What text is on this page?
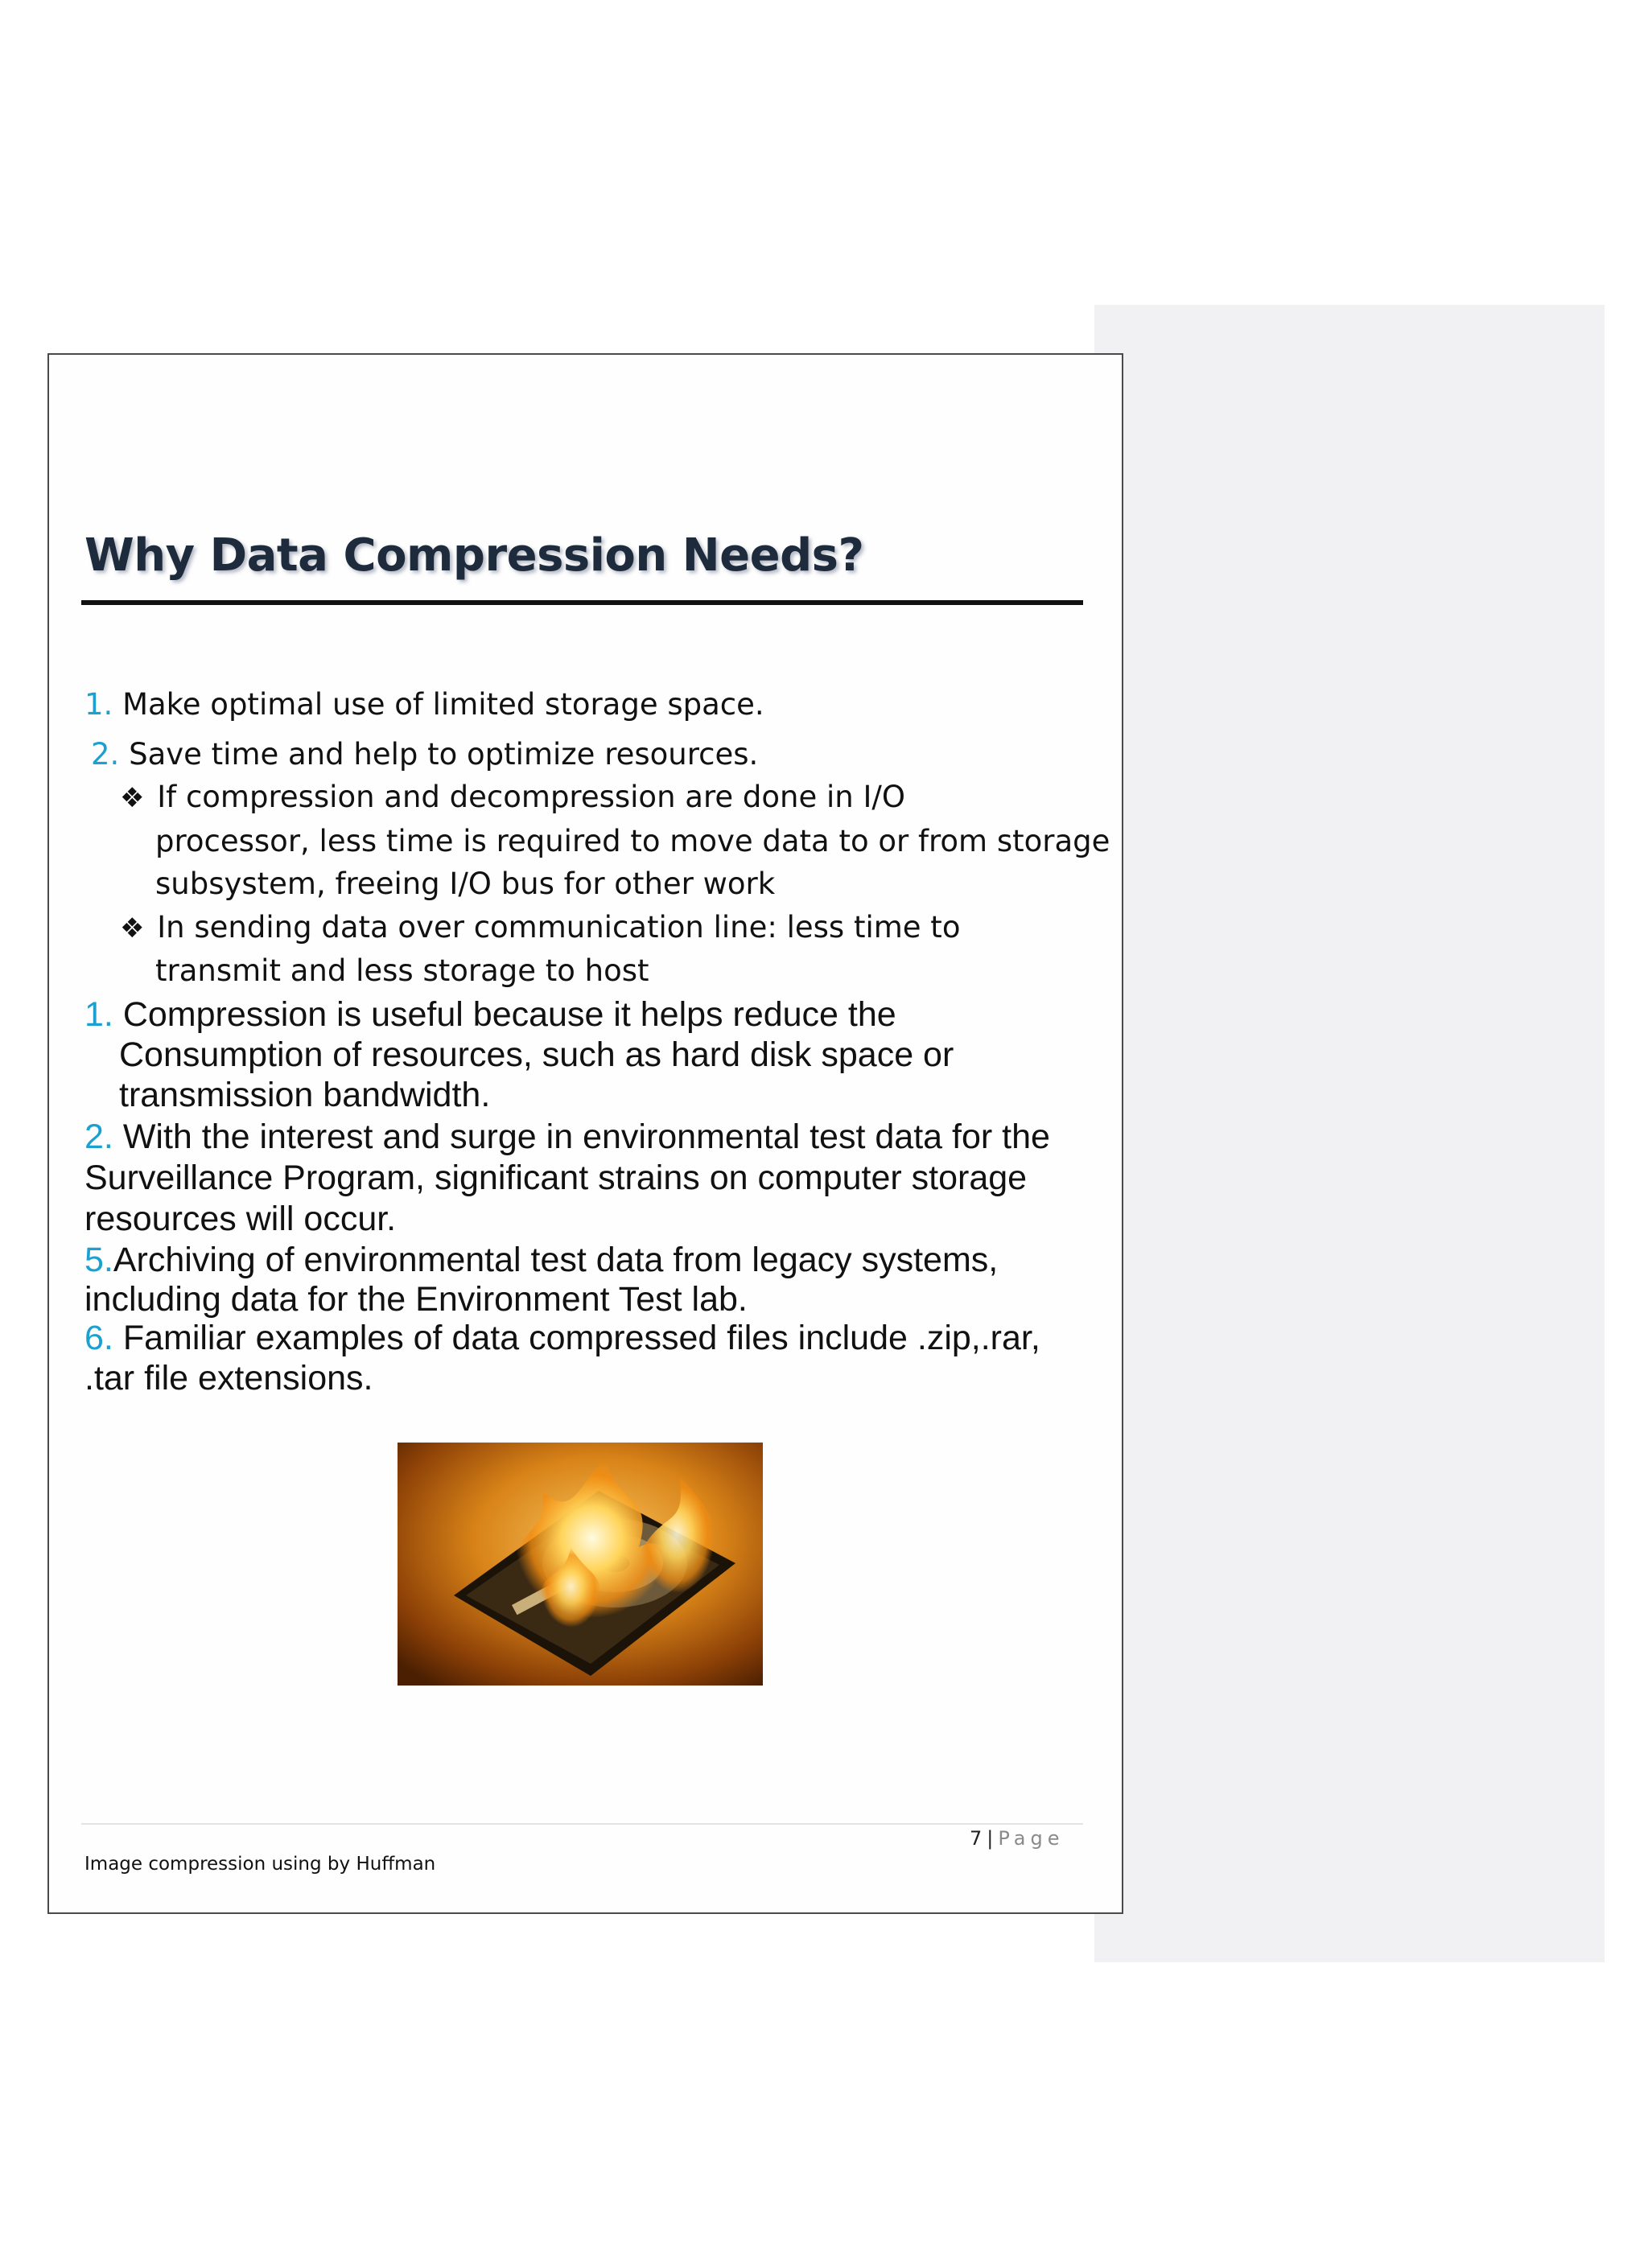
Why Data Compression Needs?
1. Make optimal use of limited storage space.
2. Save time and help to optimize resources.
❖ If compression and decompression are done in I/O
processor, less time is required to move data to or from storage
subsystem, freeing I/O bus for other work
❖ In sending data over communication line: less time to
transmit and less storage to host
1. Compression is useful because it helps reduce the
Consumption of resources, such as hard disk space or
transmission bandwidth.
2. With the interest and surge in environmental test data for the
Surveillance Program, significant strains on computer storage
resources will occur.
5.Archiving of environmental test data from legacy systems,
including data for the Environment Test lab.
6. Familiar examples of data compressed files include .zip,.rar,
.tar file extensions.
7 | Page
Image compression using by Huffman
